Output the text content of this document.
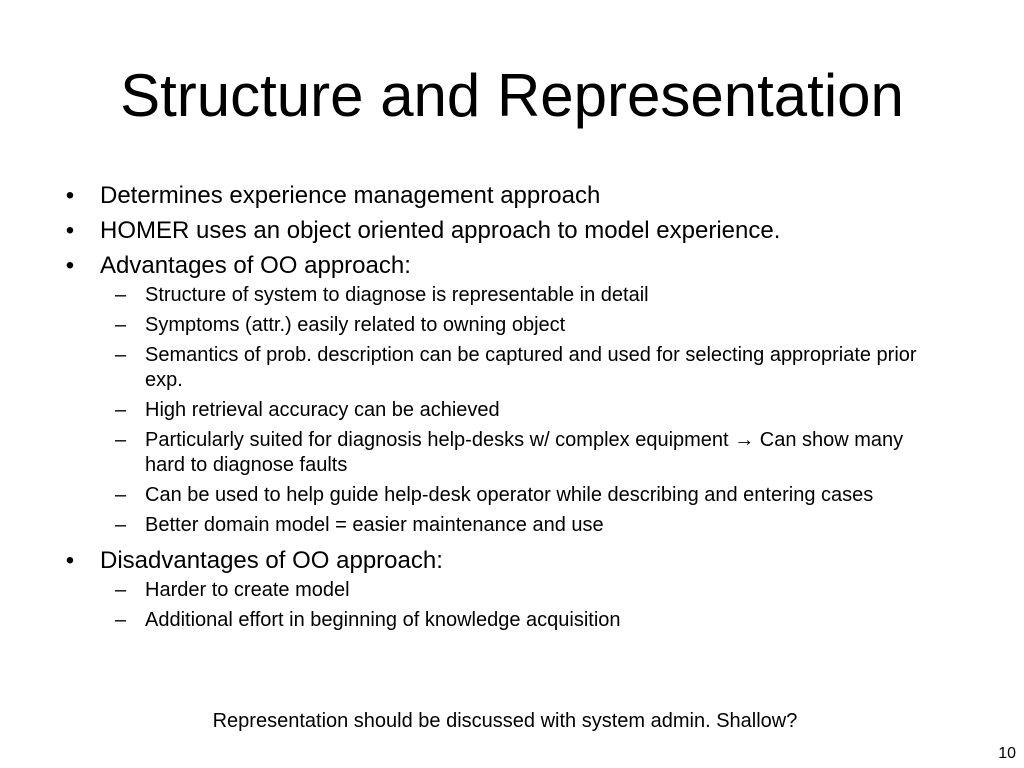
Structure and Representation
• Determines experience management approach
• HOMER uses an object oriented approach to model experience.
• Advantages of OO approach:
– Structure of system to diagnose is representable in detail
– Symptoms (attr.) easily related to owning object
– Semantics of prob. description can be captured and used for selecting appropriate prior exp.
– High retrieval accuracy can be achieved
– Particularly suited for diagnosis help-desks w/ complex equipment → Can show many hard to diagnose faults
– Can be used to help guide help-desk operator while describing and entering cases
– Better domain model = easier maintenance and use
• Disadvantages of OO approach:
– Harder to create model
– Additional effort in beginning of knowledge acquisition
Representation should be discussed with system admin. Shallow?
10
